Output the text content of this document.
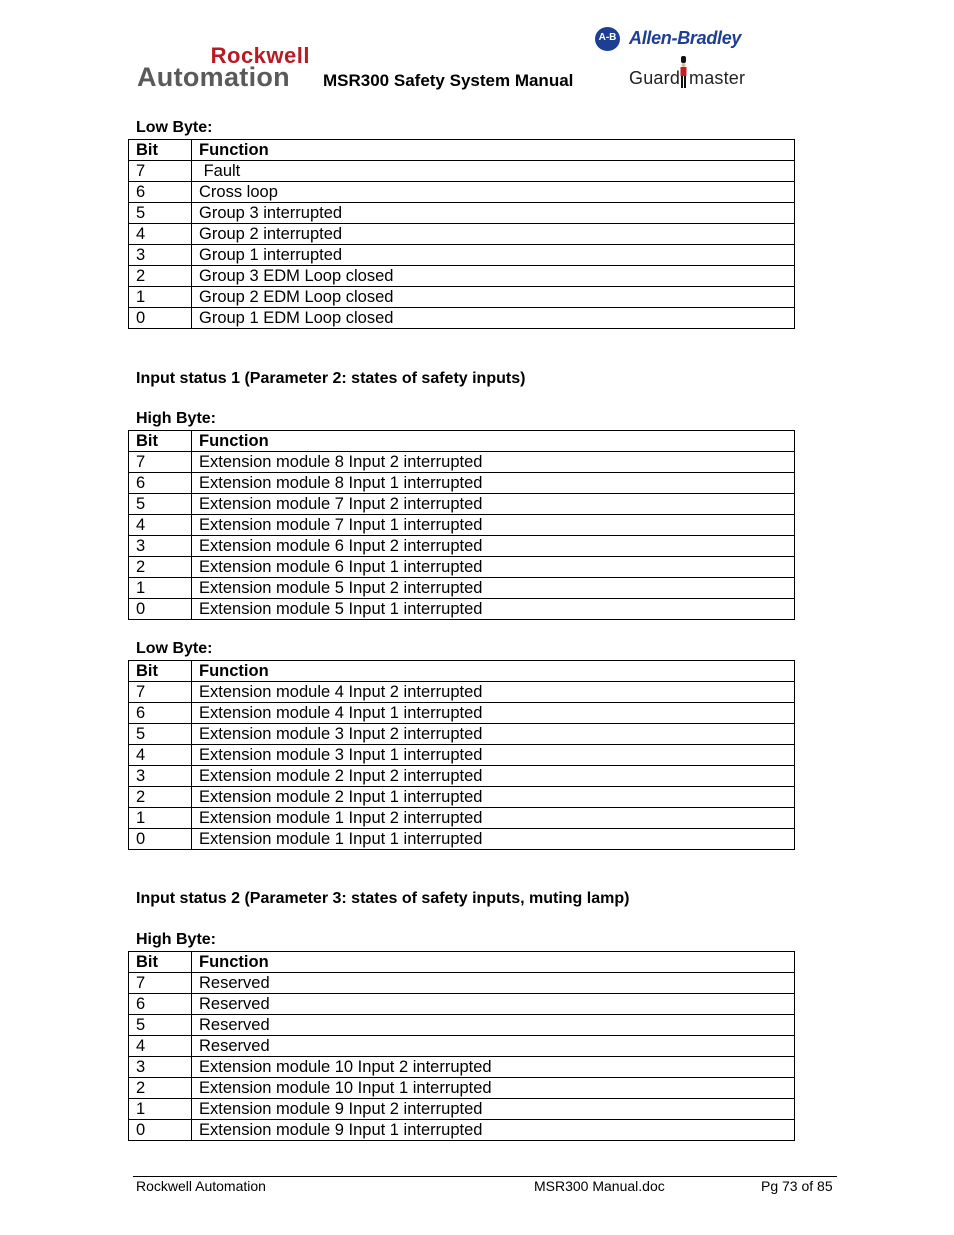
Rockwell
Automation MSR300 Safety System Manual
A-B Allen-Bradley
Guard master
Low Byte:
Bit	Function
7	Fault
6	Cross loop
5	Group 3 interrupted
4	Group 2 interrupted
3	Group 1 interrupted
2	Group 3 EDM Loop closed
1	Group 2 EDM Loop closed
0	Group 1 EDM Loop closed
Input status 1 (Parameter 2: states of safety inputs)
High Byte:
Bit	Function
7	Extension module 8 Input 2 interrupted
6	Extension module 8 Input 1 interrupted
5	Extension module 7 Input 2 interrupted
4	Extension module 7 Input 1 interrupted
3	Extension module 6 Input 2 interrupted
2	Extension module 6 Input 1 interrupted
1	Extension module 5 Input 2 interrupted
0	Extension module 5 Input 1 interrupted
Low Byte:
Bit	Function
7	Extension module 4 Input 2 interrupted
6	Extension module 4 Input 1 interrupted
5	Extension module 3 Input 2 interrupted
4	Extension module 3 Input 1 interrupted
3	Extension module 2 Input 2 interrupted
2	Extension module 2 Input 1 interrupted
1	Extension module 1 Input 2 interrupted
0	Extension module 1 Input 1 interrupted
Input status 2 (Parameter 3: states of safety inputs, muting lamp)
High Byte:
Bit	Function
7	Reserved
6	Reserved
5	Reserved
4	Reserved
3	Extension module 10 Input 2 interrupted
2	Extension module 10 Input 1 interrupted
1	Extension module 9 Input 2 interrupted
0	Extension module 9 Input 1 interrupted
Rockwell Automation	MSR300 Manual.doc	Pg 73 of 85
